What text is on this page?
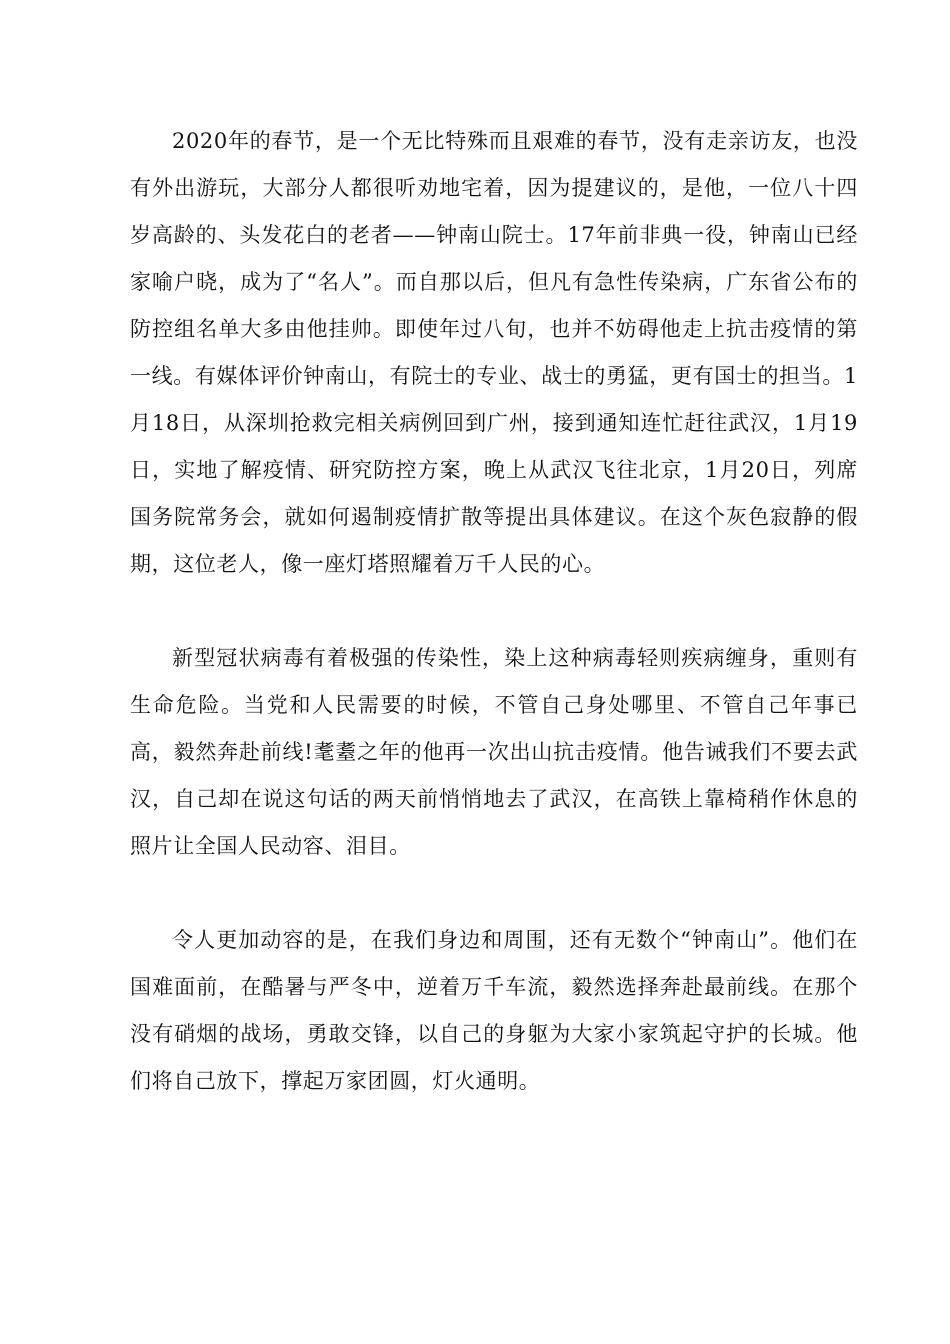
2020年的春节，是一个无比特殊而且艰难的春节，没有走亲访友，也没有外出游玩，大部分人都很听劝地宅着，因为提建议的，是他，一位八十四岁高龄的、头发花白的老者——钟南山院士。17年前非典一役，钟南山已经家喻户晓，成为了“名人”。而自那以后，但凡有急性传染病，广东省公布的防控组名单大多由他挂帅。即使年过八旬，也并不妨碍他走上抗击疫情的第一线。有媒体评价钟南山，有院士的专业、战士的勇猛，更有国士的担当。1月18日，从深圳抢救完相关病例回到广州，接到通知连忙赶往武汉，1月19日，实地了解疫情、研究防控方案，晚上从武汉飞往北京，1月20日，列席国务院常务会，就如何遏制疫情扩散等提出具体建议。在这个灰色寂静的假期，这位老人，像一座灯塔照耀着万千人民的心。

新型冠状病毒有着极强的传染性，染上这种病毒轻则疾病缠身，重则有生命危险。当党和人民需要的时候，不管自己身处哪里、不管自己年事已高，毅然奔赴前线!耄耋之年的他再一次出山抗击疫情。他告诫我们不要去武汉，自己却在说这句话的两天前悄悄地去了武汉，在高铁上靠椅稍作休息的照片让全国人民动容、泪目。

令人更加动容的是，在我们身边和周围，还有无数个“钟南山”。他们在国难面前，在酷暑与严冬中，逆着万千车流，毅然选择奔赴最前线。在那个没有硝烟的战场，勇敢交锋，以自己的身躯为大家小家筑起守护的长城。他们将自己放下，撑起万家团圆，灯火通明。
